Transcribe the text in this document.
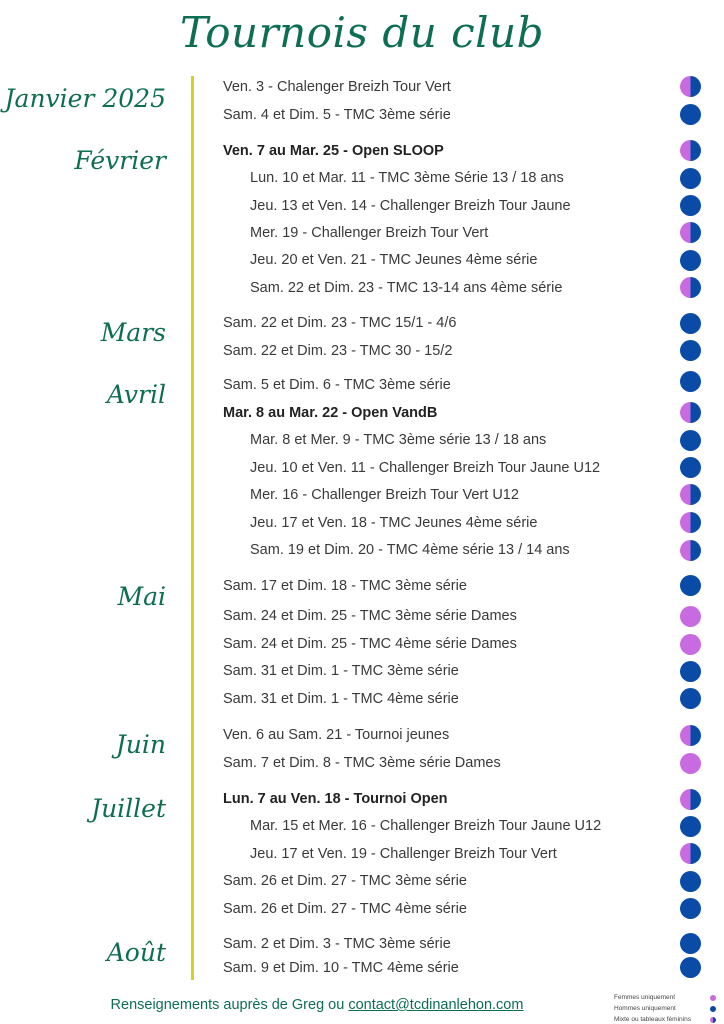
Tournois du club
Janvier 2025
Février
Mars
Avril
Mai
Juin
Juillet
Août
Ven. 3 - Chalenger Breizh Tour Vert
Sam. 4 et Dim. 5 - TMC 3ème série
Ven. 7 au Mar. 25 - Open SLOOP
Lun. 10 et Mar. 11 - TMC 3ème Série 13 / 18 ans
Jeu. 13 et Ven. 14 - Challenger Breizh Tour Jaune
Mer. 19 - Challenger Breizh Tour Vert
Jeu. 20 et Ven. 21 - TMC Jeunes 4ème série
Sam. 22 et Dim. 23 - TMC 13-14 ans 4ème série
Sam. 22 et Dim. 23 - TMC 15/1 - 4/6
Sam. 22 et Dim. 23 - TMC 30 - 15/2
Sam. 5 et Dim. 6 - TMC 3ème série
Mar. 8 au Mar. 22 - Open VandB
Mar. 8 et Mer. 9 - TMC 3ème série 13 / 18 ans
Jeu. 10 et Ven. 11 - Challenger Breizh Tour Jaune U12
Mer. 16 - Challenger Breizh Tour Vert U12
Jeu. 17 et Ven. 18 - TMC Jeunes 4ème série
Sam. 19 et Dim. 20 - TMC 4ème série 13 / 14 ans
Sam. 17 et Dim. 18 - TMC 3ème série
Sam. 24 et Dim. 25 - TMC 3ème série Dames
Sam. 24 et Dim. 25 - TMC 4ème série Dames
Sam. 31 et Dim. 1 - TMC 3ème série
Sam. 31 et Dim. 1 - TMC 4ème série
Ven. 6 au Sam. 21 - Tournoi jeunes
Sam. 7 et Dim. 8 - TMC 3ème série Dames
Lun. 7 au Ven. 18 - Tournoi Open
Mar. 15 et Mer. 16 - Challenger Breizh Tour Jaune U12
Jeu. 17 et Ven. 19 - Challenger Breizh Tour Vert
Sam. 26 et Dim. 27 - TMC 3ème série
Sam. 26 et Dim. 27 - TMC 4ème série
Sam. 2 et Dim. 3 - TMC 3ème série
Sam. 9 et Dim. 10 - TMC 4ème série
Renseignements auprès de Greg ou contact@tcdinanlehon.com	Femmes uniquement
Hommes uniquement
Mixte ou tableaux féminins
